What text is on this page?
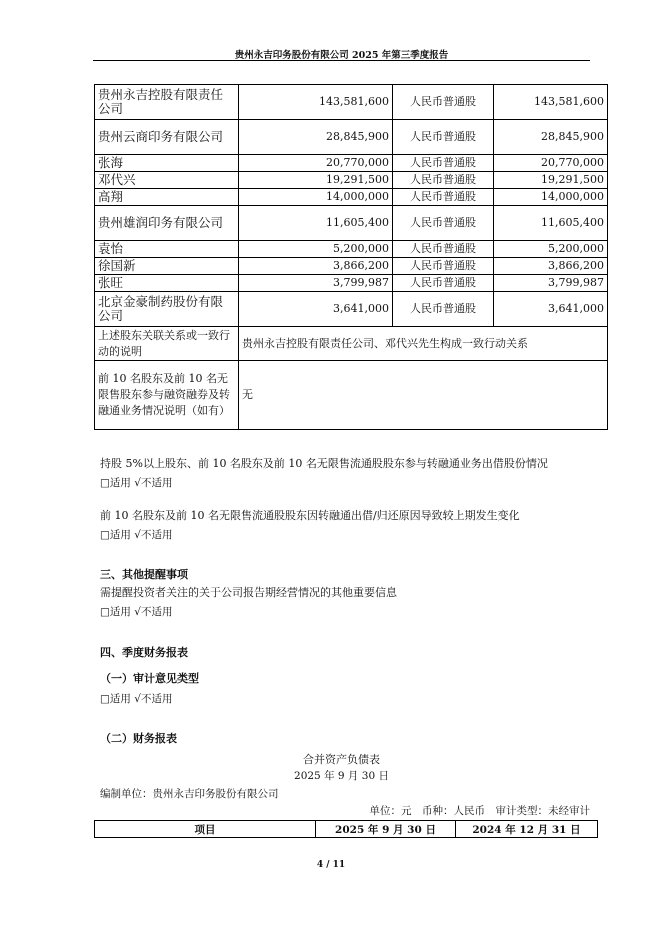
贵州永吉印务股份有限公司 2025 年第三季度报告
贵州永吉控股有限责任公司	143,581,600	人民币普通股	143,581,600
贵州云商印务有限公司	28,845,900	人民币普通股	28,845,900
张海	20,770,000	人民币普通股	20,770,000
邓代兴	19,291,500	人民币普通股	19,291,500
高翔	14,000,000	人民币普通股	14,000,000
贵州雄润印务有限公司	11,605,400	人民币普通股	11,605,400
袁怡	5,200,000	人民币普通股	5,200,000
徐国新	3,866,200	人民币普通股	3,866,200
张旺	3,799,987	人民币普通股	3,799,987
北京金豪制药股份有限公司	3,641,000	人民币普通股	3,641,000
上述股东关联关系或一致行动的说明	贵州永吉控股有限责任公司、邓代兴先生构成一致行动关系		
前 10 名股东及前 10 名无限售股东参与融资融券及转融通业务情况说明（如有）	无		
持股 5%以上股东、前 10 名股东及前 10 名无限售流通股股东参与转融通业务出借股份情况
□适用 √不适用
前 10 名股东及前 10 名无限售流通股股东因转融通出借/归还原因导致较上期发生变化
□适用 √不适用
三、其他提醒事项
需提醒投资者关注的关于公司报告期经营情况的其他重要信息
□适用 √不适用
四、季度财务报表
（一）审计意见类型
□适用 √不适用
（二）财务报表
合并资产负债表
2025 年 9 月 30 日
编制单位：贵州永吉印务股份有限公司
单位：元　币种：人民币　审计类型：未经审计
项目	2025 年 9 月 30 日	2024 年 12 月 31 日
4 / 11
